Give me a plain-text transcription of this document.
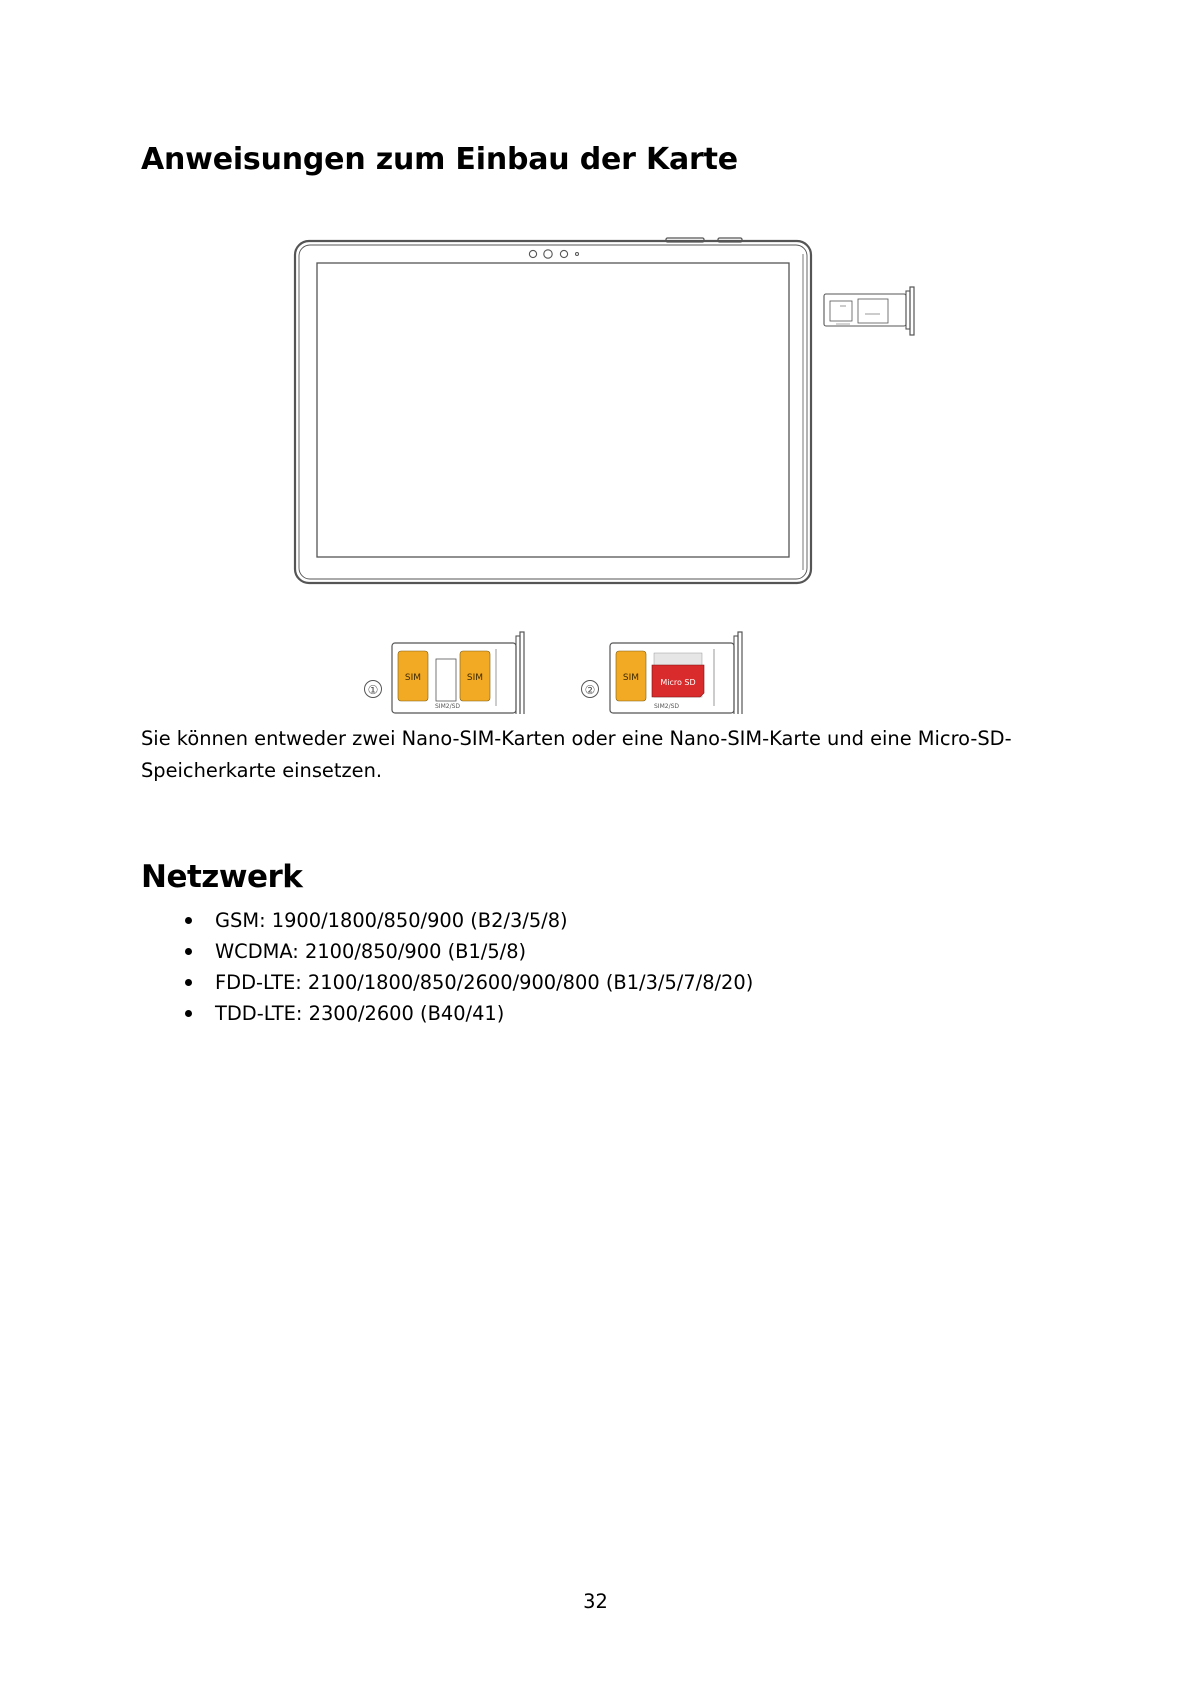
Anweisungen zum Einbau der Karte
①
SIM	SIM
SIM2/SD
②
SIM	Micro SD
SIM2/SD

Sie können entweder zwei Nano-SIM-Karten oder eine Nano-SIM-Karte und eine Micro-SD-Speicherkarte einsetzen.

Netzwerk
GSM: 1900/1800/850/900 (B2/3/5/8)
WCDMA: 2100/850/900 (B1/5/8)
FDD-LTE: 2100/1800/850/2600/900/800 (B1/3/5/7/8/20)
TDD-LTE: 2300/2600 (B40/41)
32
